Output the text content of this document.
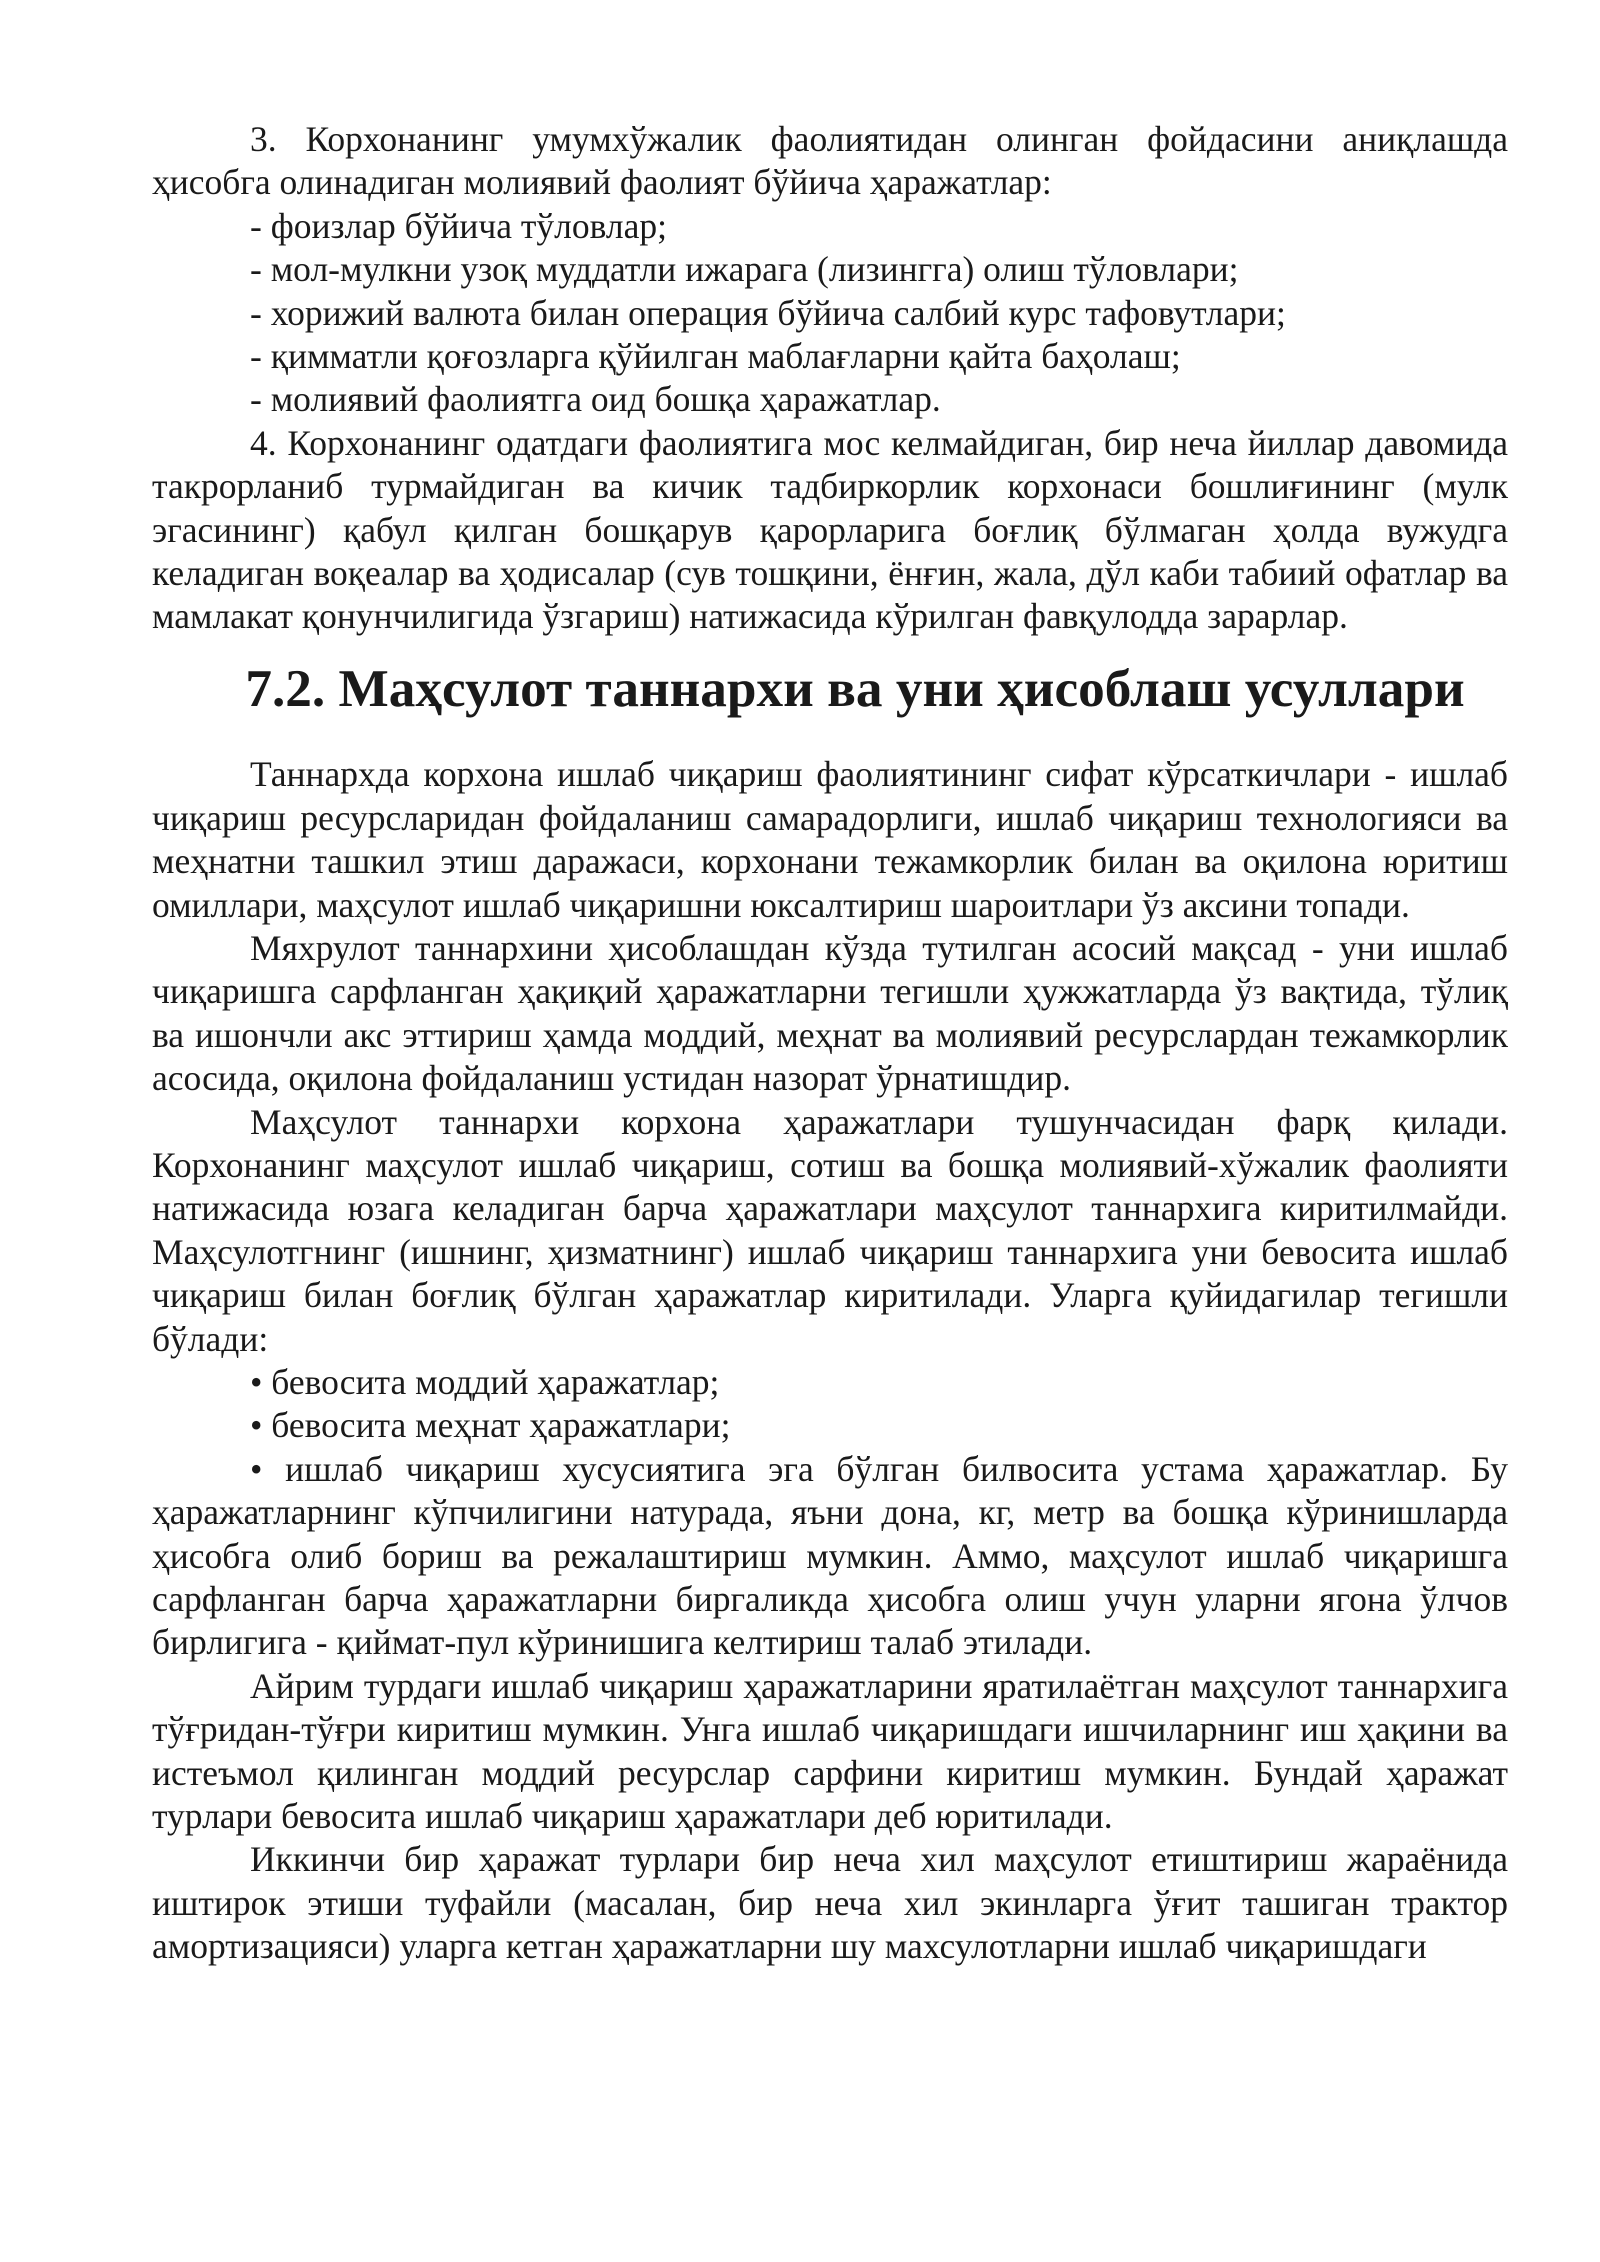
3. Корхонанинг умумхўжалик фаолиятидан олинган фойдасини аниқлашда ҳисобга олинадиган молиявий фаолият бўйича ҳаражатлар:

- фоизлар бўйича тўловлар;

- мол-мулкни узоқ муддатли ижарага (лизингга) олиш тўловлари;

- хорижий валюта билан операция бўйича салбий курс тафовутлари;

- қимматли қоғозларга қўйилган маблағларни қайта баҳолаш;

- молиявий фаолиятга оид бошқа ҳаражатлар.

4. Корхонанинг одатдаги фаолиятига мос келмайдиган, бир неча йиллар давомида такрорланиб турмайдиган ва кичик тадбиркорлик корхонаси бошлиғининг (мулк эгасининг) қабул қилган бошқарув қарорларига боғлиқ бўлмаган ҳолда вужудга келадиган воқеалар ва ҳодисалар (сув тошқини, ёнғин, жала, дўл каби табиий офатлар ва мамлакат қонунчилигида ўзгариш) натижасида кўрилган фавқулодда зарарлар.

7.2. Маҳсулот таннархи ва уни ҳисоблаш усуллари

Таннархда корхона ишлаб чиқариш фаолиятининг сифат кўрсаткичлари - ишлаб чиқариш ресурсларидан фойдаланиш самарадорлиги, ишлаб чиқариш технологияси ва меҳнатни ташкил этиш даражаси, корхонани тежамкорлик билан ва оқилона юритиш омиллари, маҳсулот ишлаб чиқаришни юксалтириш шароитлари ўз аксини топади.

Мяхрулот таннархини ҳисоблашдан кўзда тутилган асосий мақсад - уни ишлаб чиқаришга сарфланган ҳақиқий ҳаражатларни тегишли ҳужжатларда ўз вақтида, тўлиқ ва ишончли акс эттириш ҳамда моддий, меҳнат ва молиявий ресурслардан тежамкорлик асосида, оқилона фойдаланиш устидан назорат ўрнатишдир.

Маҳсулот таннархи корхона ҳаражатлари тушунчасидан фарқ қилади. Корхонанинг маҳсулот ишлаб чиқариш, сотиш ва бошқа молиявий-хўжалик фаолияти натижасида юзага келадиган барча ҳаражатлари маҳсулот таннархига киритилмайди. Маҳсулотгнинг (ишнинг, ҳизматнинг) ишлаб чиқариш таннархига уни бевосита ишлаб чиқариш билан боғлиқ бўлган ҳаражатлар киритилади. Уларга қуйидагилар тегишли бўлади:

• бевосита моддий ҳаражатлар;

• бевосита меҳнат ҳаражатлари;

• ишлаб чиқариш хусусиятига эга бўлган билвосита устама ҳаражатлар. Бу ҳаражатларнинг кўпчилигини натурада, яъни дона, кг, метр ва бошқа кўринишларда ҳисобга олиб бориш ва режалаштириш мумкин. Аммо, маҳсулот ишлаб чиқаришга сарфланган барча ҳаражатларни биргаликда ҳисобга олиш учун уларни ягона ўлчов бирлигига - қиймат-пул кўринишига келтириш талаб этилади.

Айрим турдаги ишлаб чиқариш ҳаражатларини яратилаётган маҳсулот таннархига тўғридан-тўғри киритиш мумкин. Унга ишлаб чиқаришдаги ишчиларнинг иш ҳақини ва истеъмол қилинган моддий ресурслар сарфини киритиш мумкин. Бундай ҳаражат турлари бевосита ишлаб чиқариш ҳаражатлари деб юритилади.

Иккинчи бир ҳаражат турлари бир неча хил маҳсулот етиштириш жараёнида иштирок этиши туфайли (масалан, бир неча хил экинларга ўғит ташиган трактор амортизацияси) уларга кетган ҳаражатларни шу махсулотларни ишлаб чиқаришдаги
